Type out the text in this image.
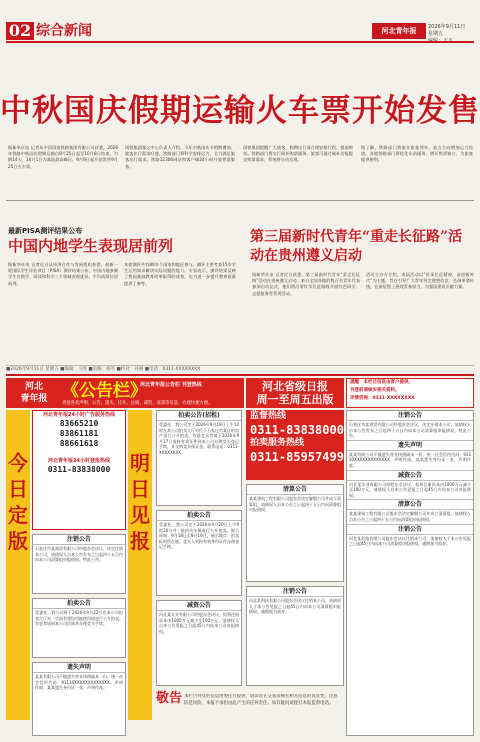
02 综合新闻	河北青年报	2026年9月11日
星期五
中秋国庆假期运输火车票开始发售
据新华社电 记者从中国国家铁路集团有限公司获悉，2026年铁路中秋国庆假期运输自9月25日起至10月8日结束，为期14天，10月1日为客流最高峰日。9月9日起开始发售9月25日火车票。
国铁集团客运中心负责人介绍，今年中秋国庆节假期叠加，旅客出行需求旺盛，铁路部门将科学安排运力，全力满足旅客出行需求。铁路12306网站和客户端24小时开放售票服务。
国铁集团提醒广大旅客，假期出行请合理安排行程，提前购票。铁路部门将实行候补购票服务，旅客可通过候补功能提交购票需求，系统将自动兑现。
据了解，铁路部门将加开旅客列车，重点方向增加运力投放。各地铁路部门将优化车站服务，增开售票窗口，为旅客提供便利。
最新PISA测评结果公布
中国内地学生表现居前列
据新华社电 记者近日从经济合作与发展组织获悉，最新一轮国际学生评估项目（PISA）测评结果公布，中国内地参测学生在数学、阅读和科学三个领域表现优异，平均成绩位居前列。
本轮测评共有80多个国家和地区参与。测评主要考查15岁学生运用知识解决实际问题的能力。专家表示，测评结果反映了我国基础教育改革取得的成效，也为进一步提升教育质量提供了参考。
第三届新时代青年“重走长征路”活动在贵州遵义启动
据新华社电 记者近日获悉，第三届新时代青年“重走长征路”活动在贵州遵义启动。来自全国各地的数百名青年代表参加启动仪式，他们将沿着红军长征路线开展红色研学、志愿服务等系列活动。
活动主办方介绍，本届活动以“传承长征精神，奋进新时代”为主题，旨在引导广大青年坚定理想信念，弘扬革命传统，在新征程上展现青春担当，为强国建设贡献力量。
■2026年9月11日 星期五 ■编辑：马进 ■美编：杨军 ■校对：孙丽 ■电话：0311-XXXXXXXX
河北
青年报 《公告栏》
河北青年报公告栏 刊登热线
刊登各类声明、公告、遗失、挂失、注销、减资、清算等信息，办理快捷方便。
河北省级日报
周一至周五出版
提醒：本栏目信息由客户提供，
刊登前请核实相关资料。
详情咨询：0311-XXXXXXXX
今日定版
明日见报
河北青年报24小时广告服务热线
83665210
83861181
88661618
河北青年报24小时登报热线
0311-83838000
注销公告
石家庄市某商贸有限公司经股东会决议，决定注销本公司，请债权人自本公告发布之日起四十五日内向本公司清算组申报债权。特此公告。
拍卖公告
受委托，我公司将于2026年9月22日在本公司拍卖大厅对一宗国有建设用地使用权进行公开拍卖。有意者请到本公司咨询并办理竞买手续。
遗失声明
某某有限公司不慎遗失营业执照副本一份，统一社会信用代码：91130XXXXXXXXXXXXX，声明作废。某某遗失身份证一张，声明作废。
拍卖公告(招租)
受委托，我公司定于2026年9月18日上午10时在本公司拍卖大厅对位于石家庄市某区的房产进行公开拍卖。有意竞买者请于2026年9月17日前持有效证件到本公司办理竞买登记手续，并交纳竞买保证金。联系电话：0311-XXXXXXXX。
拍卖公告
受委托，我公司定于2026年9月20日上午9时30分对一批机动车辆进行公开拍卖。展示时间：9月18日至9月19日。展示地点：拍卖标的所在地。竞买人须持有效身份证件办理登记手续。
减资公告
河北某实业有限公司经股东会决议，拟将注册资本由1000万元减少至100万元，请债权人自本公告见报之日起45日内向本公司申报债权。
监督热线
0311-83838000
拍卖服务热线
0311-85957499
清算公告
某某建筑工程有限公司股东会决定解散公司并成立清算组，请债权人自本公告之日起四十五日内向清算组申报债权。
注销公告
河北某科技有限公司股东会决议注销本公司，请债权人于本公告见报之日起45日内向本公司清算组申报债权，逾期视为放弃。
注销公告
石家庄市某商贸有限公司经股东会决议，决定注销本公司，请债权人自本公告发布之日起四十五日内向本公司清算组申报债权。特此公告。
遗失声明
某某有限公司不慎遗失营业执照副本一份，统一社会信用代码：91130XXXXXXXXXXXXX，声明作废。某某遗失身份证一张，声明作废。
减资公告
河北某实业有限公司经股东会决议，拟将注册资本由1000万元减少至100万元，请债权人自本公告见报之日起45日内向本公司申报债权。
清算公告
某某建筑工程有限公司股东会决定解散公司并成立清算组，请债权人自本公告之日起四十五日内向清算组申报债权。
注销公告
河北某科技有限公司股东会决议注销本公司，请债权人于本公告见报之日起45日内向本公司清算组申报债权，逾期视为放弃。
敬告 本栏目刊登的信息由委托方提供，请读者在交易前核实相关信息的真实性，注意防范风险。本报不承担由此产生的任何责任。如有疑问请拨打本报监督电话。
